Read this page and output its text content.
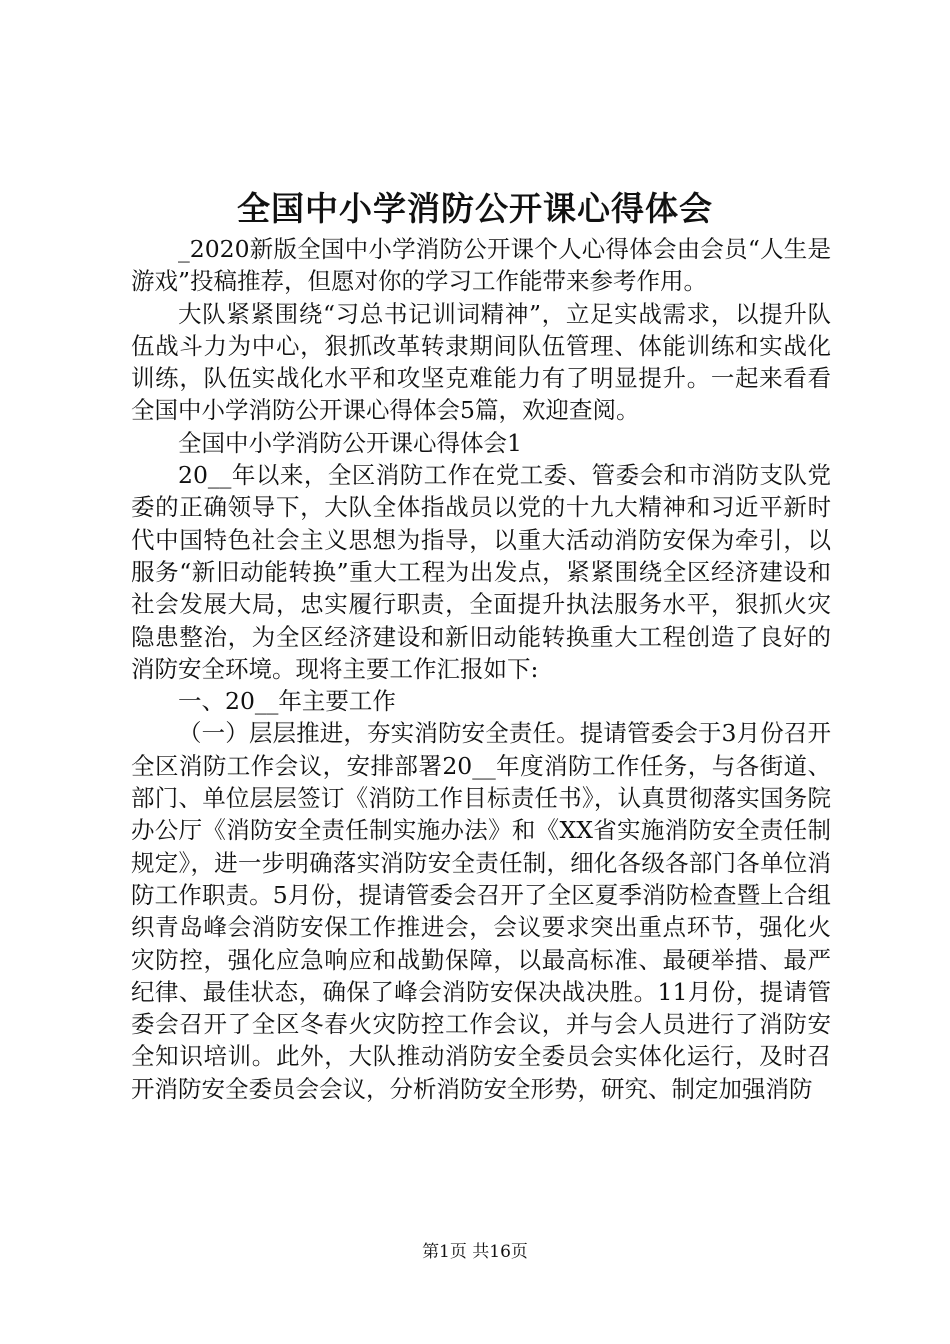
全国中小学消防公开课心得体会

_2020新版全国中小学消防公开课个人心得体会由会员“人生是游戏”投稿推荐，但愿对你的学习工作能带来参考作用。

大队紧紧围绕“习总书记训词精神”，立足实战需求，以提升队伍战斗力为中心，狠抓改革转隶期间队伍管理、体能训练和实战化训练，队伍实战化水平和攻坚克难能力有了明显提升。一起来看看全国中小学消防公开课心得体会5篇，欢迎查阅。

全国中小学消防公开课心得体会1

20__年以来，全区消防工作在党工委、管委会和市消防支队党委的正确领导下，大队全体指战员以党的十九大精神和习近平新时代中国特色社会主义思想为指导，以重大活动消防安保为牵引，以服务“新旧动能转换”重大工程为出发点，紧紧围绕全区经济建设和社会发展大局，忠实履行职责，全面提升执法服务水平，狠抓火灾隐患整治，为全区经济建设和新旧动能转换重大工程创造了良好的消防安全环境。现将主要工作汇报如下:

一、20__年主要工作

（一）层层推进，夯实消防安全责任。提请管委会于3月份召开全区消防工作会议，安排部署20__年度消防工作任务，与各街道、部门、单位层层签订《消防工作目标责任书》，认真贯彻落实国务院办公厅《消防安全责任制实施办法》和《XX省实施消防安全责任制规定》，进一步明确落实消防安全责任制，细化各级各部门各单位消防工作职责。5月份，提请管委会召开了全区夏季消防检查暨上合组织青岛峰会消防安保工作推进会，会议要求突出重点环节，强化火灾防控，强化应急响应和战勤保障，以最高标准、最硬举措、最严纪律、最佳状态，确保了峰会消防安保决战决胜。11月份，提请管委会召开了全区冬春火灾防控工作会议，并与会人员进行了消防安全知识培训。此外，大队推动消防安全委员会实体化运行，及时召开消防安全委员会会议，分析消防安全形势，研究、制定加强消防

第1页 共16页
